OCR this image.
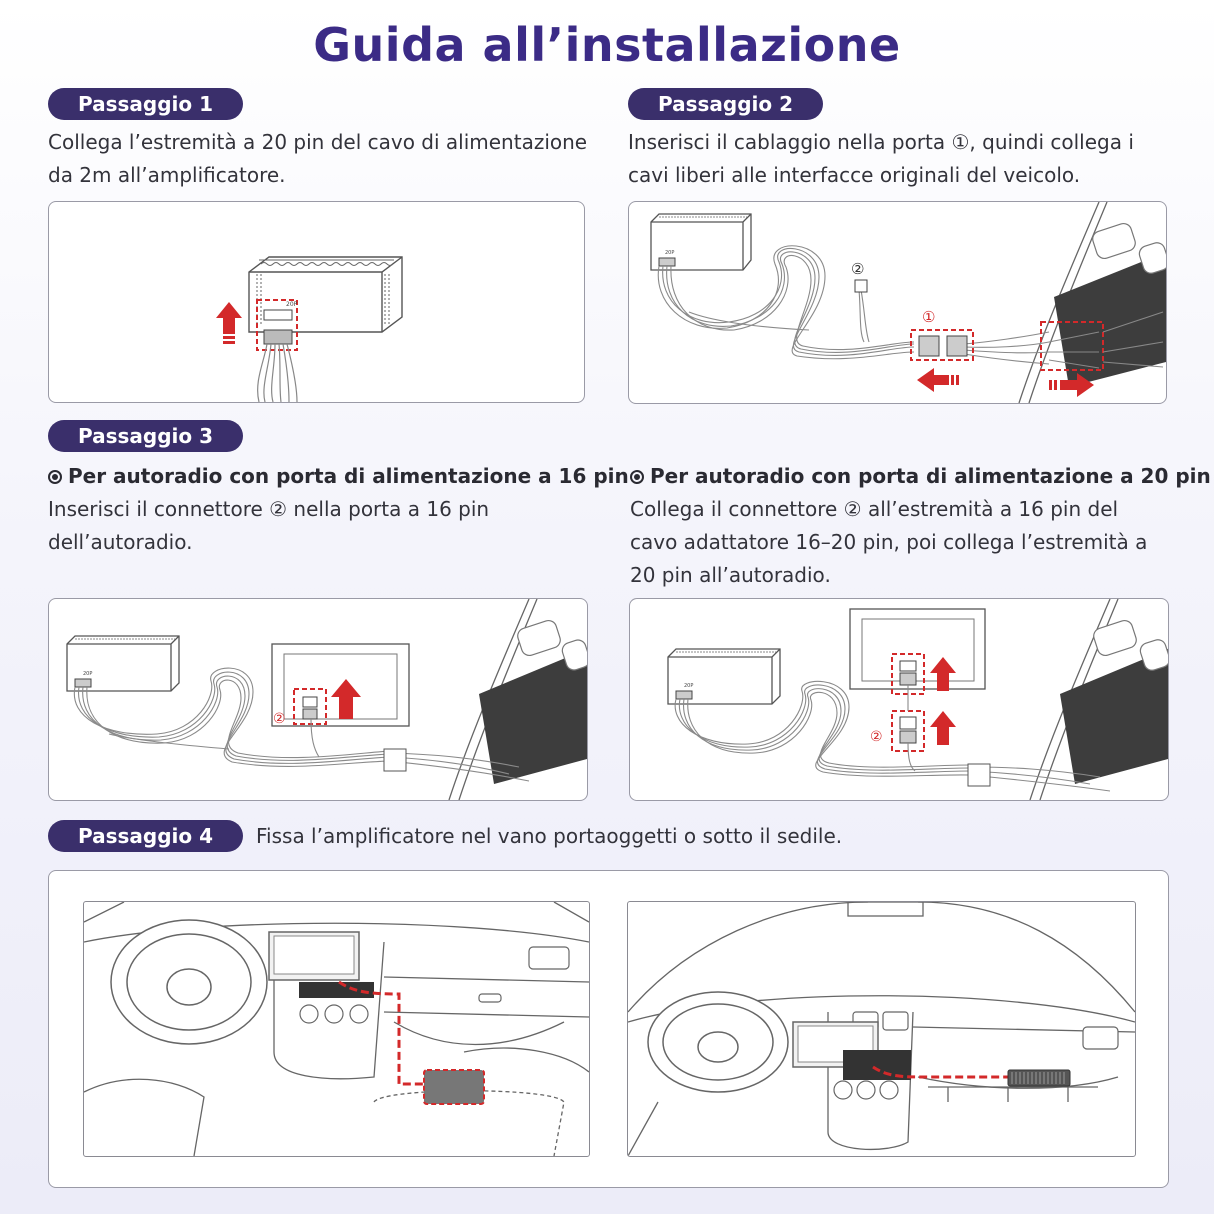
Guida all’installazione
Passaggio 1
Collega l’estremità a 20 pin del cavo di alimentazione
da 2m all’amplificatore.
20P
Passaggio 2
Inserisci il cablaggio nella porta ①, quindi collega i
cavi liberi alle interfacce originali del veicolo.
20P
②
①
Passaggio 3
Per autoradio con porta di alimentazione a 16 pin
Inserisci il connettore ② nella porta a 16 pin
dell’autoradio.
Per autoradio con porta di alimentazione a 20 pin
Collega il connettore ② all’estremità a 16 pin del
cavo adattatore 16–20 pin, poi collega l’estremità a
20 pin all’autoradio.
20P
②
20P
②
Passaggio 4	Fissa l’amplificatore nel vano portaoggetti o sotto il sedile.
